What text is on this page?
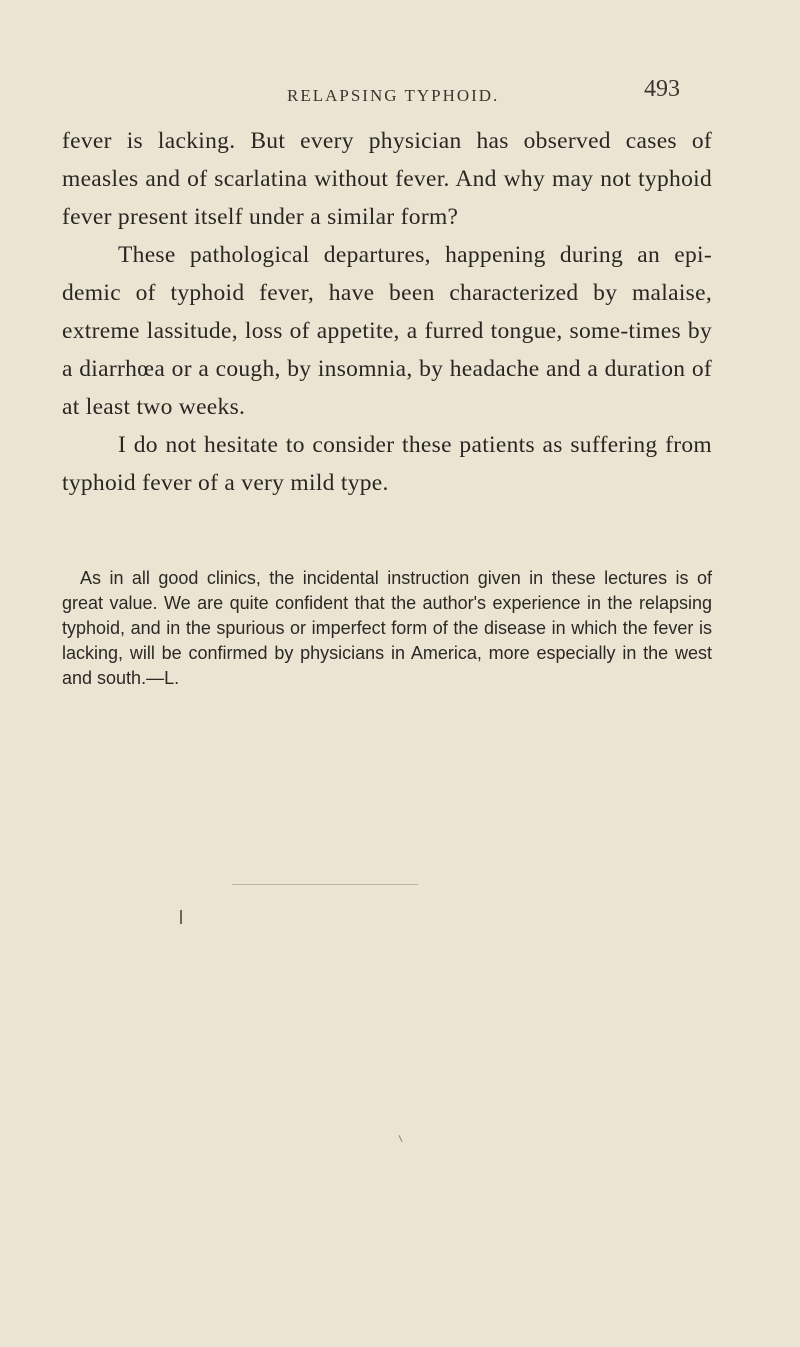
RELAPSING TYPHOID.	493

fever is lacking. But every physician has observed cases of measles and of scarlatina without fever. And why may not typhoid fever present itself under a similar form?

These pathological departures, happening during an epi-demic of typhoid fever, have been characterized by malaise, extreme lassitude, loss of appetite, a furred tongue, some-times by a diarrhœa or a cough, by insomnia, by headache and a duration of at least two weeks.

I do not hesitate to consider these patients as suffering from typhoid fever of a very mild type.

As in all good clinics, the incidental instruction given in these lectures is of great value. We are quite confident that the author's experience in the relapsing typhoid, and in the spurious or imperfect form of the disease in which the fever is lacking, will be confirmed by physicians in America, more especially in the west and south.—L.
